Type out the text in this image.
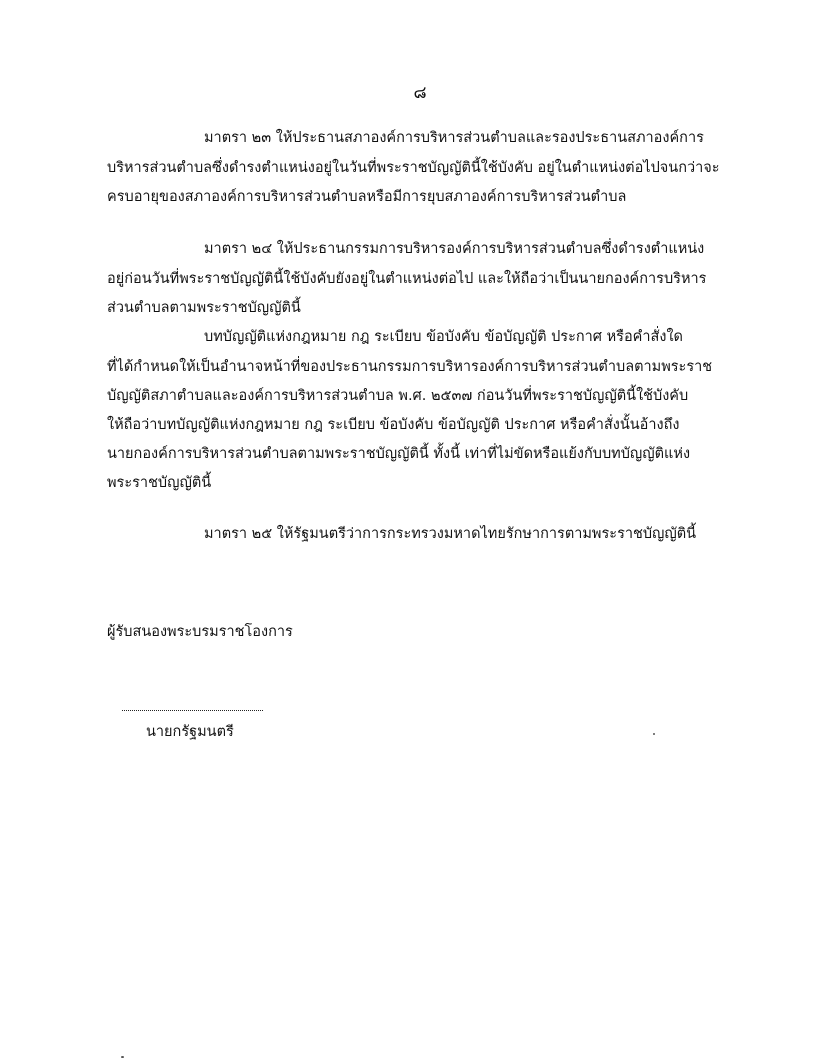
๘
มาตรา ๒๓ ให้ประธานสภาองค์การบริหารส่วนตำบลและรองประธานสภาองค์การ
บริหารส่วนตำบลซึ่งดำรงตำแหน่งอยู่ในวันที่พระราชบัญญัตินี้ใช้บังคับ อยู่ในตำแหน่งต่อไปจนกว่าจะ
ครบอายุของสภาองค์การบริหารส่วนตำบลหรือมีการยุบสภาองค์การบริหารส่วนตำบล
มาตรา ๒๔ ให้ประธานกรรมการบริหารองค์การบริหารส่วนตำบลซึ่งดำรงตำแหน่ง
อยู่ก่อนวันที่พระราชบัญญัตินี้ใช้บังคับยังอยู่ในตำแหน่งต่อไป และให้ถือว่าเป็นนายกองค์การบริหาร
ส่วนตำบลตามพระราชบัญญัตินี้
บทบัญญัติแห่งกฎหมาย กฎ ระเบียบ ข้อบังคับ ข้อบัญญัติ ประกาศ หรือคำสั่งใด
ที่ได้กำหนดให้เป็นอำนาจหน้าที่ของประธานกรรมการบริหารองค์การบริหารส่วนตำบลตามพระราช
บัญญัติสภาตำบลและองค์การบริหารส่วนตำบล พ.ศ. ๒๕๓๗ ก่อนวันที่พระราชบัญญัตินี้ใช้บังคับ
ให้ถือว่าบทบัญญัติแห่งกฎหมาย กฎ ระเบียบ ข้อบังคับ ข้อบัญญัติ ประกาศ หรือคำสั่งนั้นอ้างถึง
นายกองค์การบริหารส่วนตำบลตามพระราชบัญญัตินี้ ทั้งนี้ เท่าที่ไม่ขัดหรือแย้งกับบทบัญญัติแห่ง
พระราชบัญญัตินี้
มาตรา ๒๕ ให้รัฐมนตรีว่าการกระทรวงมหาดไทยรักษาการตามพระราชบัญญัตินี้
ผู้รับสนองพระบรมราชโองการ
นายกรัฐมนตรี
